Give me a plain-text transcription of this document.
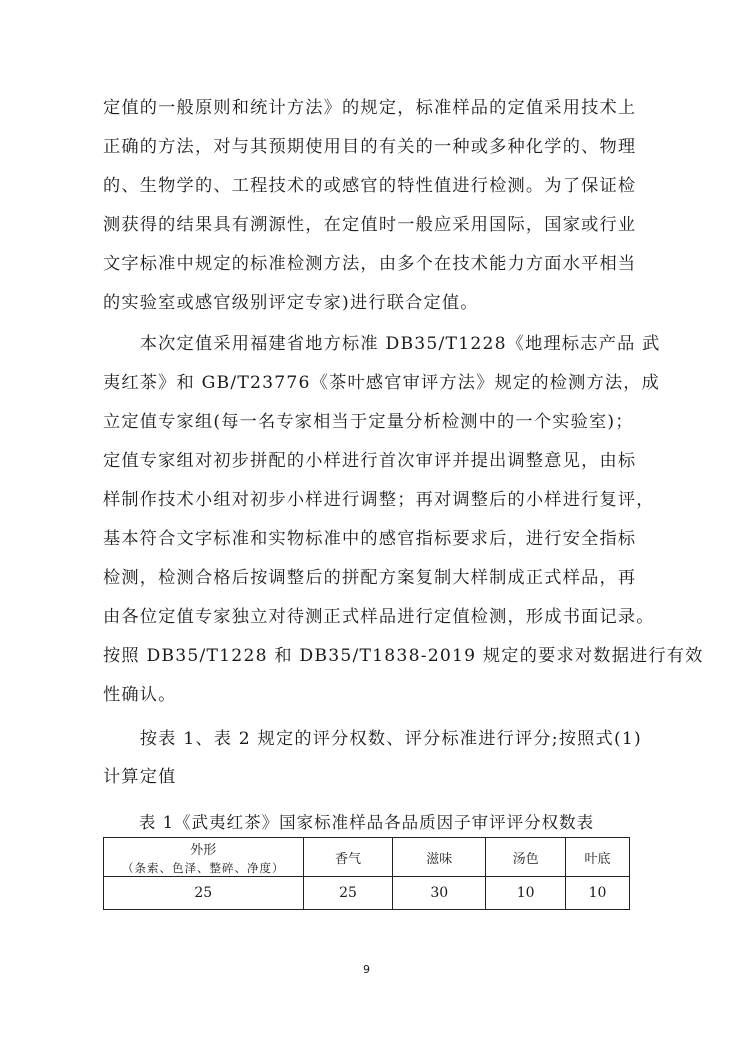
定值的一般原则和统计方法》的规定，标准样品的定值采用技术上
正确的方法，对与其预期使用目的有关的一种或多种化学的、物理
的、生物学的、工程技术的或感官的特性值进行检测。为了保证检
测获得的结果具有溯源性，在定值时一般应采用国际，国家或行业
文字标准中规定的标准检测方法，由多个在技术能力方面水平相当
的实验室或感官级别评定专家)进行联合定值。
　　本次定值采用福建省地方标准 DB35/T1228《地理标志产品 武
夷红茶》和 GB/T23776《茶叶感官审评方法》规定的检测方法，成
立定值专家组(每一名专家相当于定量分析检测中的一个实验室)；
定值专家组对初步拼配的小样进行首次审评并提出调整意见，由标
样制作技术小组对初步小样进行调整；再对调整后的小样进行复评，
基本符合文字标准和实物标准中的感官指标要求后，进行安全指标
检测，检测合格后按调整后的拼配方案复制大样制成正式样品，再
由各位定值专家独立对待测正式样品进行定值检测，形成书面记录。
按照 DB35/T1228 和 DB35/T1838-2019 规定的要求对数据进行有效
性确认。
　　按表 1、表 2 规定的评分权数、评分标准进行评分;按照式(1)
计算定值
表 1《武夷红茶》国家标准样品各品质因子审评评分权数表
外形
（条索、色泽、整碎、净度）	香气	滋味	汤色	叶底
25	25	30	10	10
9
